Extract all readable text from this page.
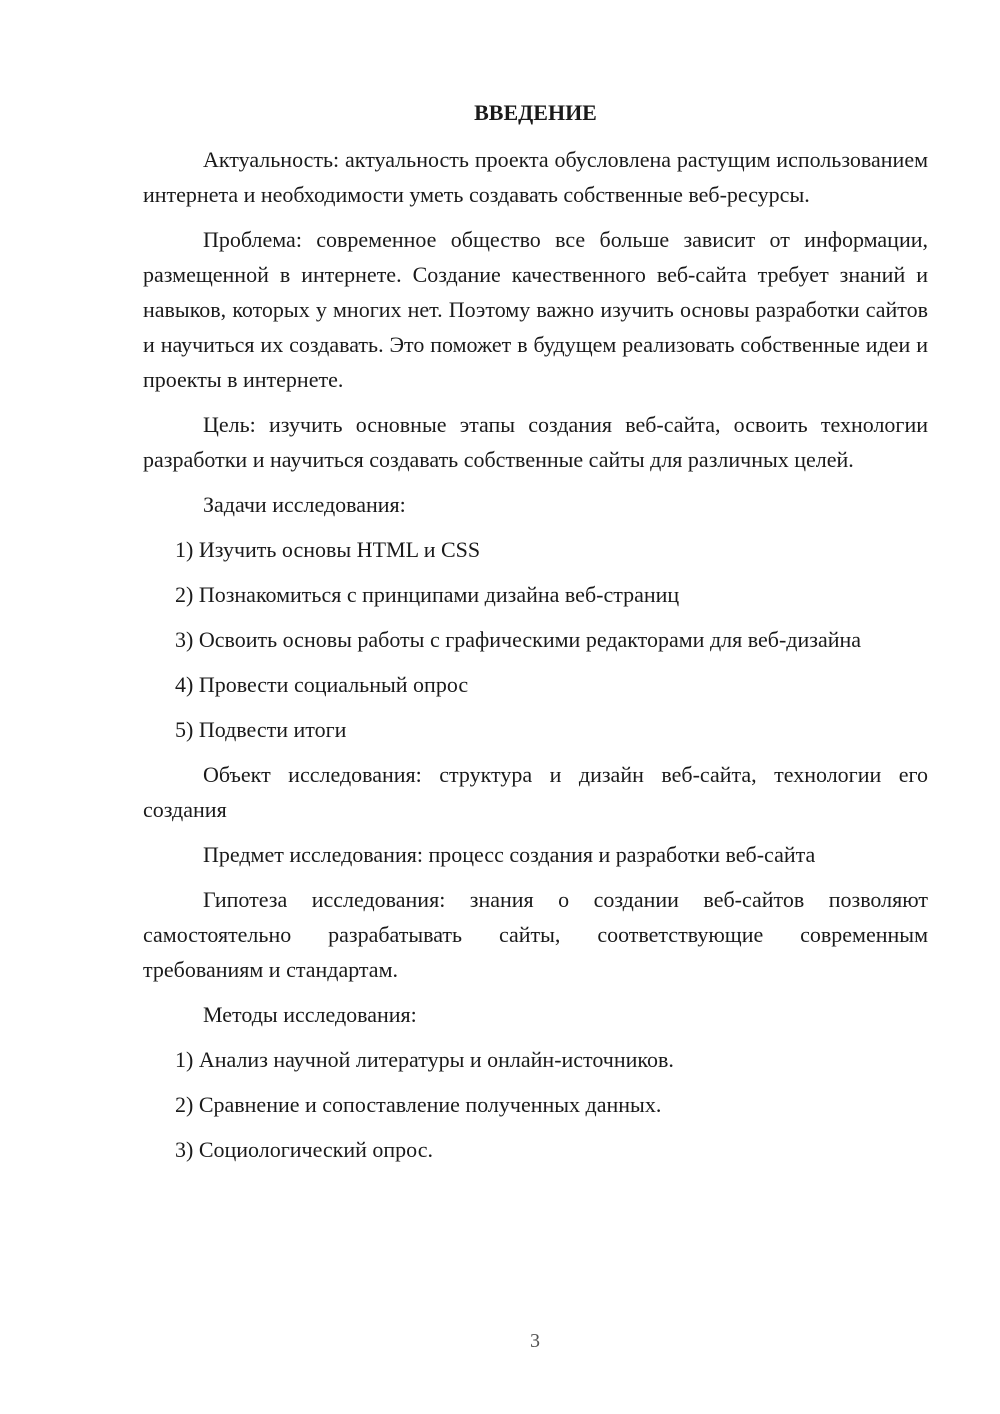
ВВЕДЕНИЕ

Актуальность: актуальность проекта обусловлена растущим использованием интернета и необходимости уметь создавать собственные веб-ресурсы.

Проблема: современное общество все больше зависит от информации, размещенной в интернете. Создание качественного веб-сайта требует знаний и навыков, которых у многих нет. Поэтому важно изучить основы разработки сайтов и научиться их создавать. Это поможет в будущем реализовать собственные идеи и проекты в интернете.

Цель: изучить основные этапы создания веб-сайта, освоить технологии разработки и научиться создавать собственные сайты для различных целей.

Задачи исследования:

1) Изучить основы HTML и CSS

2) Познакомиться с принципами дизайна веб-страниц

3) Освоить основы работы с графическими редакторами для веб-дизайна

4) Провести социальный опрос

5) Подвести итоги

Объект исследования: структура и дизайн веб-сайта, технологии его создания

Предмет исследования: процесс создания и разработки веб-сайта

Гипотеза исследования: знания о создании веб-сайтов позволяют самостоятельно разрабатывать сайты, соответствующие современным требованиям и стандартам.

Методы исследования:

1) Анализ научной литературы и онлайн-источников.

2) Сравнение и сопоставление полученных данных.

3) Социологический опрос.

3
